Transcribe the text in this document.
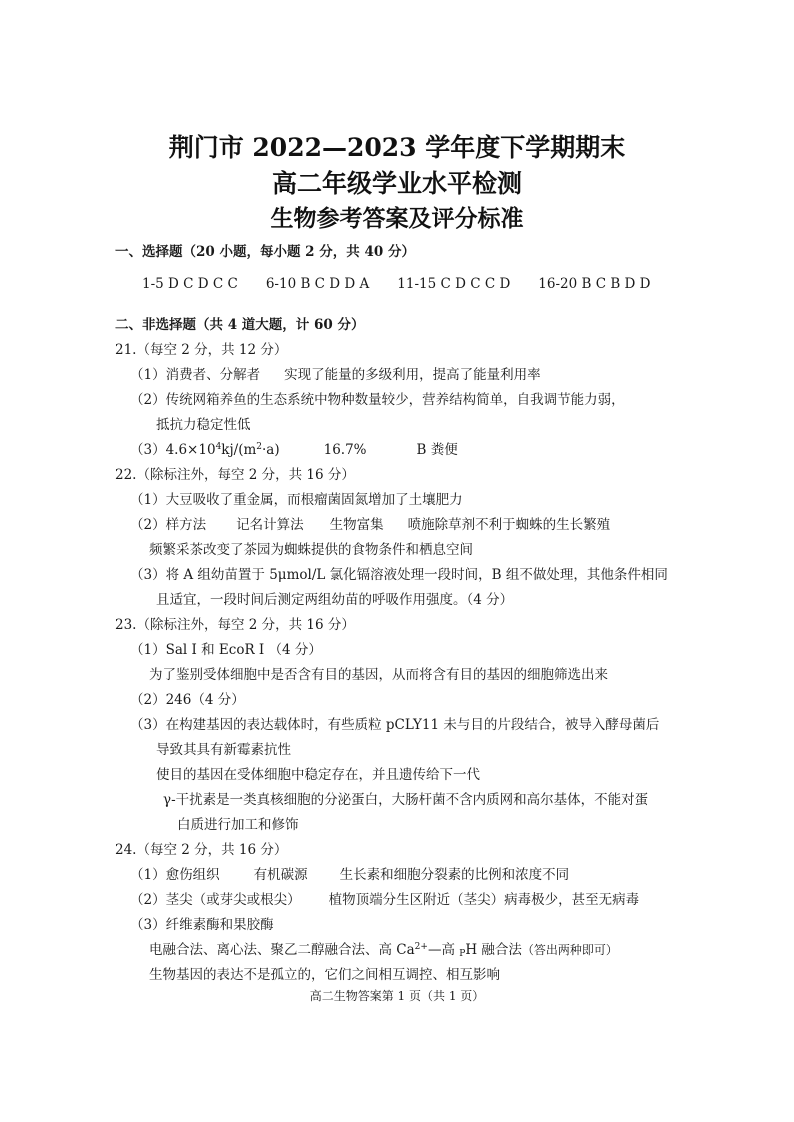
荆门市 2022—2023 学年度下学期期末
高二年级学业水平检测
生物参考答案及评分标准
一、选择题（20 小题，每小题 2 分，共 40 分）
1-5 D C D C C 6-10 B C D D A 11-15 C D C C D 16-20 B C B D D
二、非选择题（共 4 道大题，计 60 分）
21.（每空 2 分，共 12 分）
（1）消费者、分解者 实现了能量的多级利用，提高了能量利用率
（2）传统网箱养鱼的生态系统中物种数量较少，营养结构简单，自我调节能力弱，
抵抗力稳定性低
$(3)4.6\times 10^4kj/(m^2\cdot a)$	16.7%	B 粪便
22.（除标注外，每空 2 分，共 16 分）
（1）大豆吸收了重金属，而根瘤菌固氮增加了土壤肥力
（2）样方法 记名计算法 生物富集 喷施除草剂不利于蜘蛛的生长繁殖
频繁采茶改变了茶园为蜘蛛提供的食物条件和栖息空间
（3）将 A 组幼苗置于 5μmol/L 氯化镉溶液处理一段时间，B 组不做处理，其他条件相同
且适宜，一段时间后测定两组幼苗的呼吸作用强度。（4 分）
23.（除标注外，每空 2 分，共 16 分）
（1）Sal I 和 EcoR I （4 分）
为了鉴别受体细胞中是否含有目的基因，从而将含有目的基因的细胞筛选出来
（2）246（4 分）
（3）在构建基因的表达载体时，有些质粒 pCLY11 未与目的片段结合，被导入酵母菌后
导致其具有新霉素抗性
使目的基因在受体细胞中稳定存在，并且遗传给下一代
γ-干扰素是一类真核细胞的分泌蛋白，大肠杆菌不含内质网和高尔基体，不能对蛋
白质进行加工和修饰
24.（每空 2 分，共 16 分）
（1）愈伤组织	有机碳源 生长素和细胞分裂素的比例和浓度不同
（2）茎尖（或芽尖或根尖） 植物顶端分生区附近（茎尖）病毒极少，甚至无病毒
（3）纤维素酶和果胶酶
电融合法、离心法、聚乙二醇融合法、高 $Ca^{2+}—$高 $_P$H 融合法（答出两种即可）
生物基因的表达不是孤立的，它们之间相互调控、相互影响
高二生物答案第 1 页（共 1 页）
